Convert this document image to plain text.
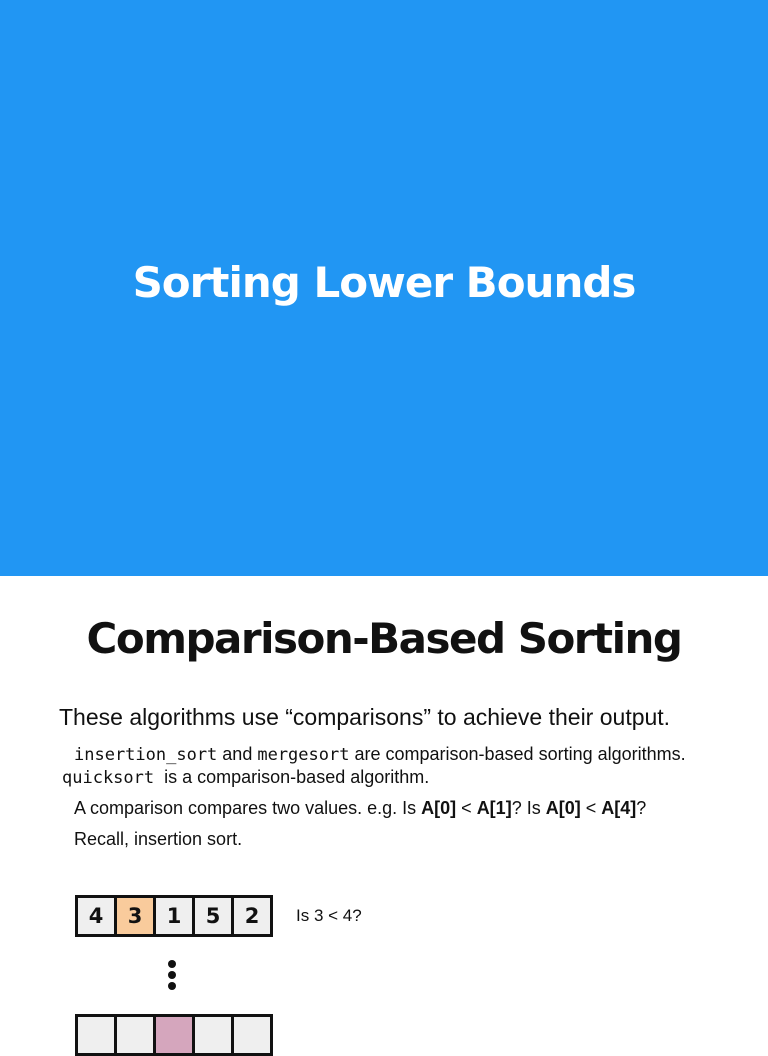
Sorting Lower Bounds
Comparison-Based Sorting
These algorithms use “comparisons” to achieve their output.
insertion_sort and mergesort are comparison-based sorting algorithms.
quicksort  is a comparison-based algorithm.
A comparison compares two values. e.g. Is A[0] < A[1]? Is A[0] < A[4]?
Recall, insertion sort.
4	3	1	5	2	Is 3 < 4?
